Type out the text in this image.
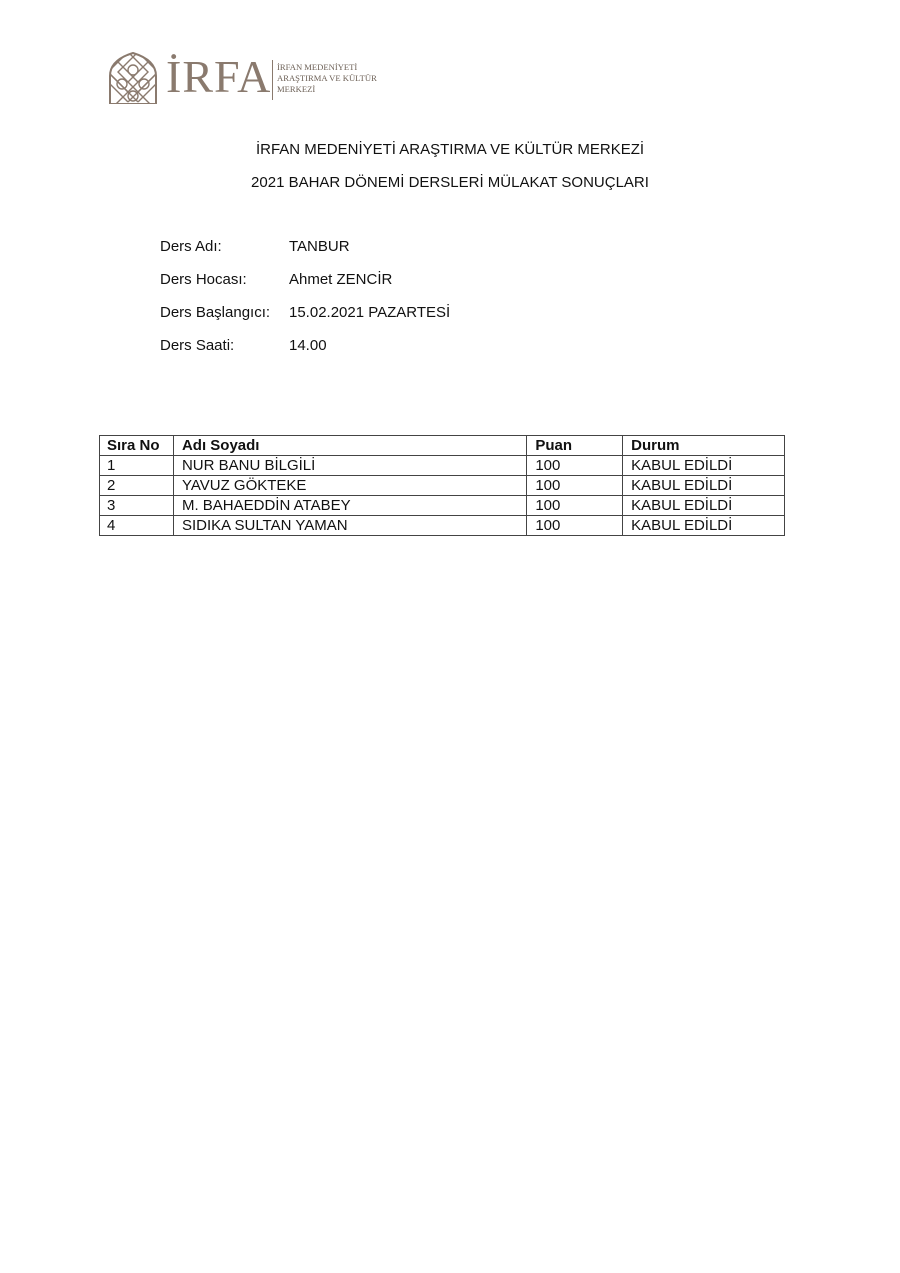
İRFA İRFAN MEDENİYETİ
ARAŞTIRMA VE KÜLTÜR
MERKEZİ
İRFAN MEDENİYETİ ARAŞTIRMA VE KÜLTÜR MERKEZİ
2021 BAHAR DÖNEMİ DERSLERİ MÜLAKAT SONUÇLARI
Ders Adı:	TANBUR
Ders Hocası:	Ahmet ZENCİR
Ders Başlangıcı: 15.02.2021 PAZARTESİ
Ders Saati:	14.00
Sıra No	Adı Soyadı	Puan	Durum
1	NUR BANU BİLGİLİ	100	KABUL EDİLDİ
2	YAVUZ GÖKTEKE	100	KABUL EDİLDİ
3	M. BAHAEDDİN ATABEY	100	KABUL EDİLDİ
4	SIDIKA SULTAN YAMAN	100	KABUL EDİLDİ
